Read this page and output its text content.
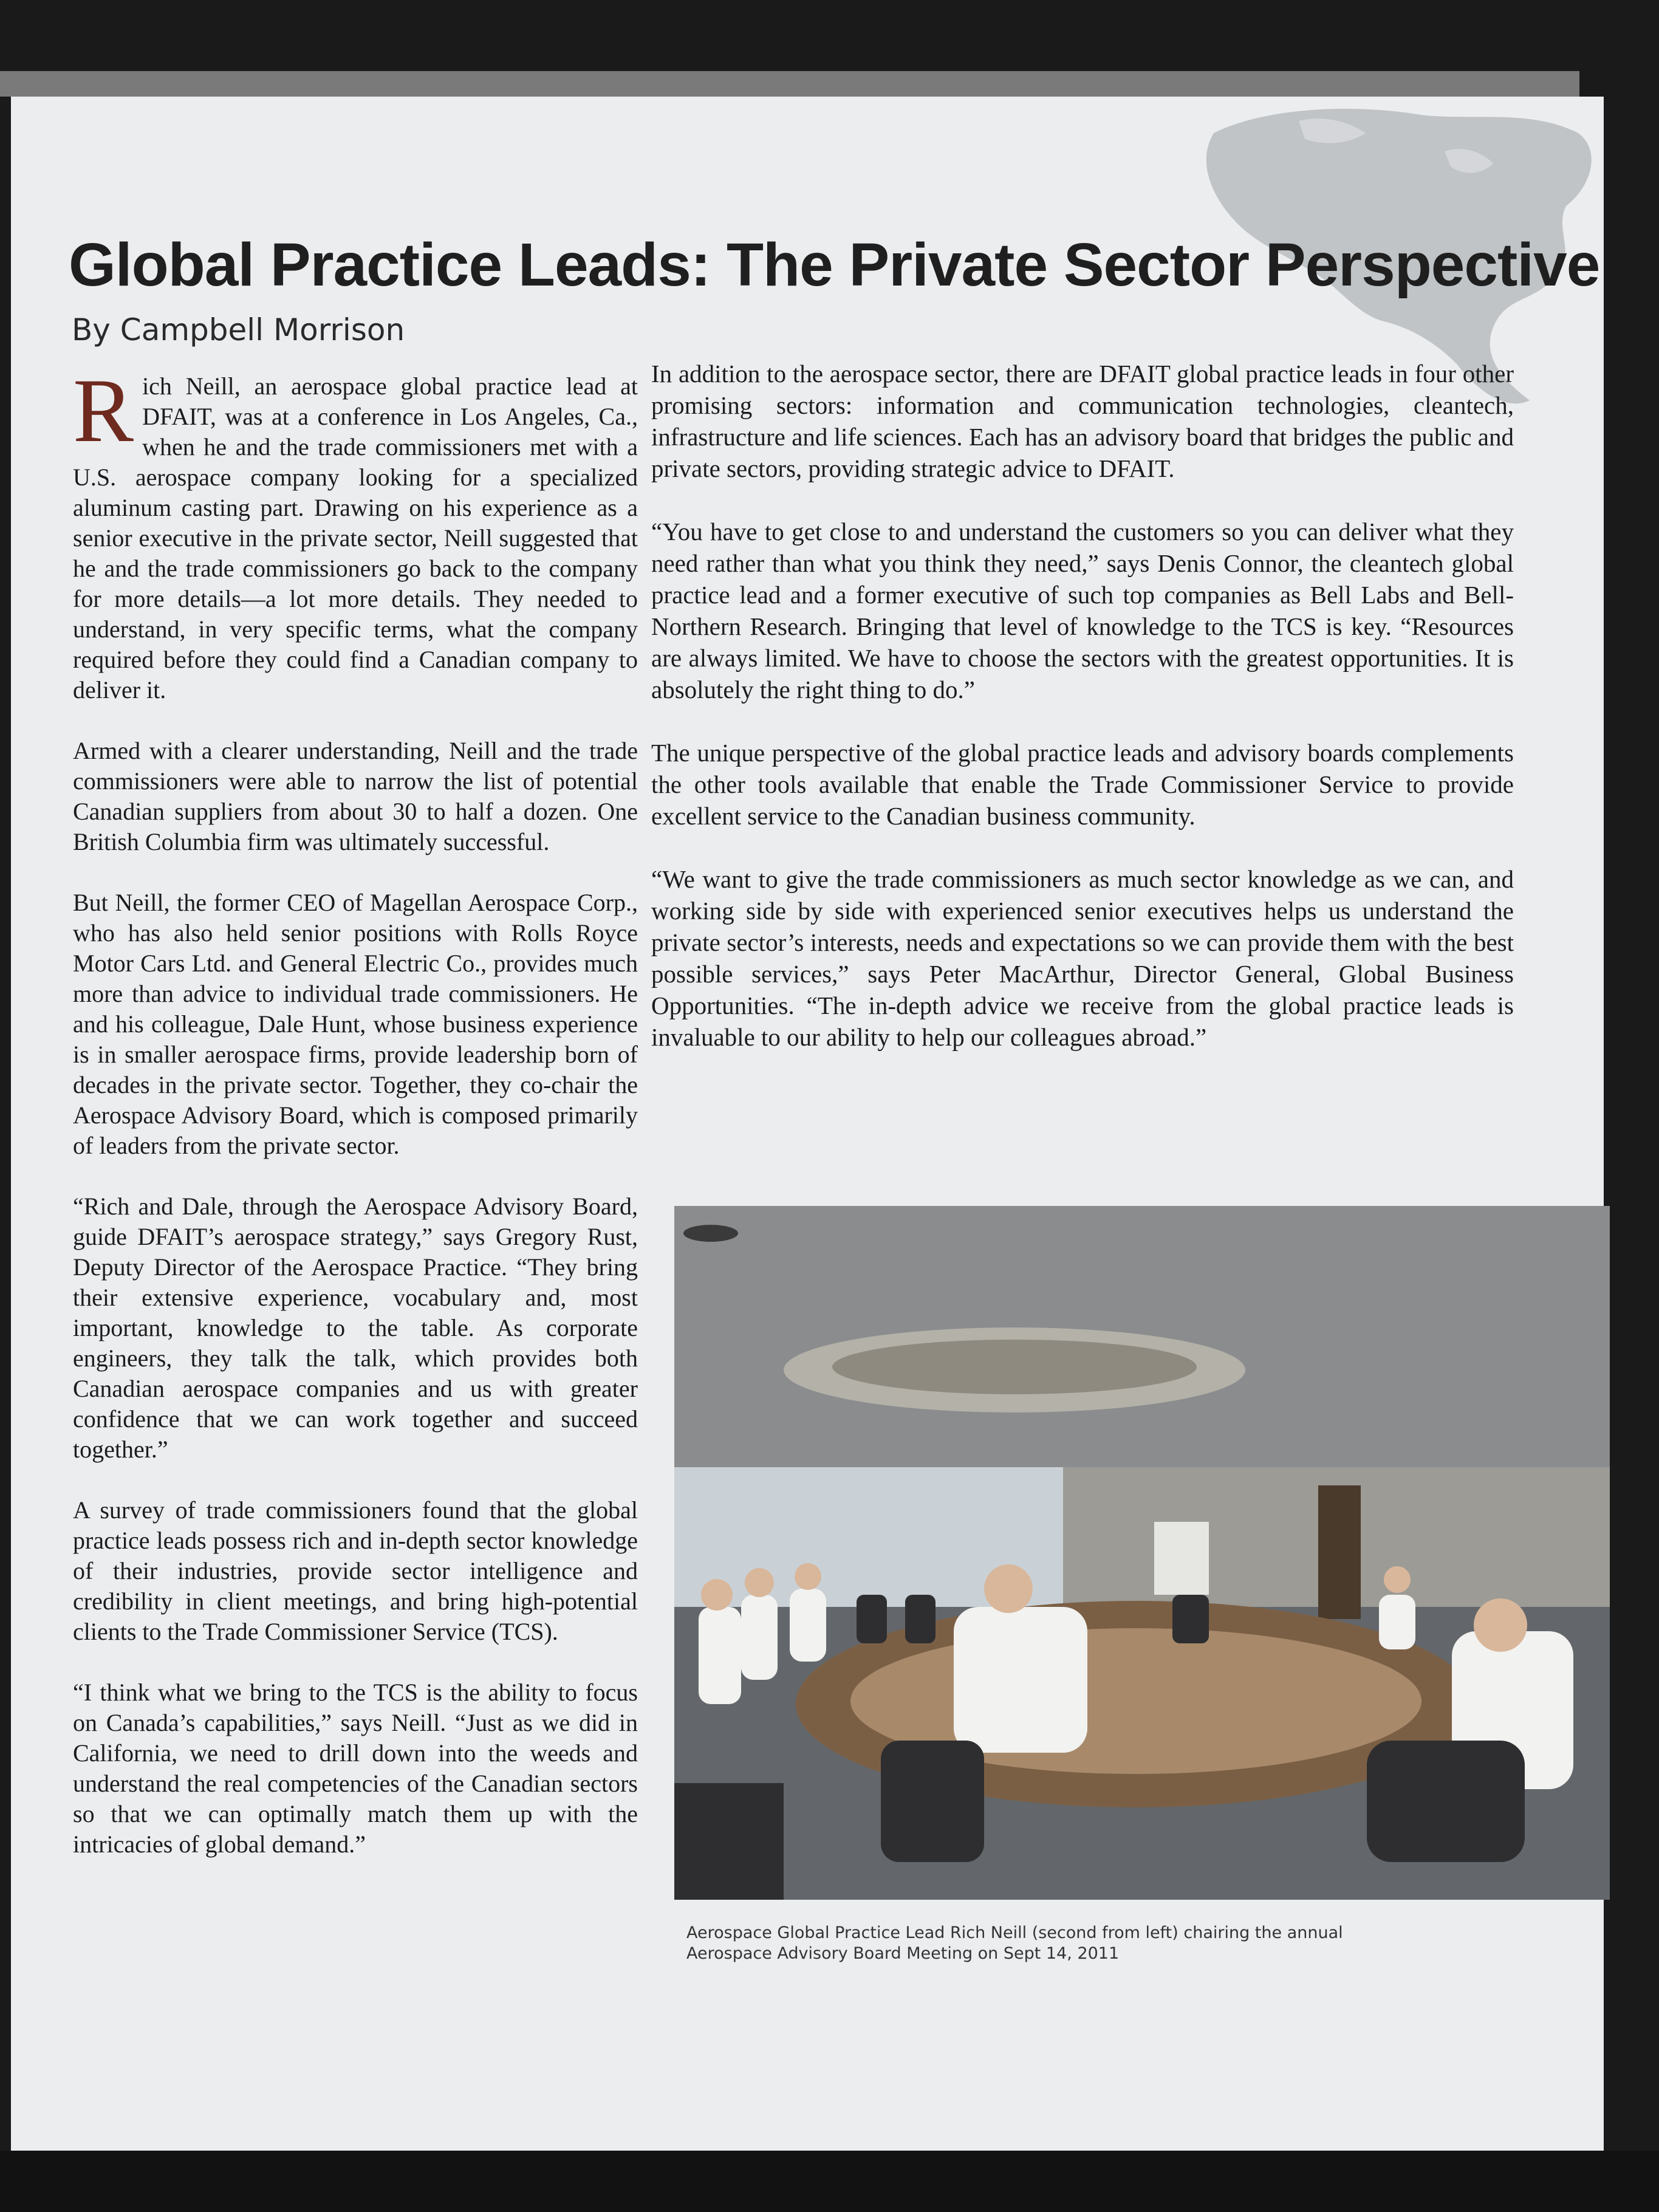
Global Practice Leads: The Private Sector Perspective
By Campbell Morrison

Rich Neill, an aerospace global practice lead at DFAIT, was at a conference in Los Angeles, Ca., when he and the trade commissioners met with a U.S. aerospace company looking for a specialized aluminum casting part. Drawing on his experience as a senior executive in the private sector, Neill suggested that he and the trade commissioners go back to the company for more details—a lot more details. They needed to understand, in very specific terms, what the company required before they could find a Canadian company to deliver it.

Armed with a clearer understanding, Neill and the trade commissioners were able to narrow the list of potential Canadian suppliers from about 30 to half a dozen. One British Columbia firm was ultimately successful.

But Neill, the former CEO of Magellan Aerospace Corp., who has also held senior positions with Rolls Royce Motor Cars Ltd. and General Electric Co., provides much more than advice to individual trade commissioners. He and his colleague, Dale Hunt, whose business experience is in smaller aerospace firms, provide leadership born of decades in the private sector. Together, they co-chair the Aerospace Advisory Board, which is composed primarily of leaders from the private sector.

“Rich and Dale, through the Aerospace Advisory Board, guide DFAIT’s aerospace strategy,” says Gregory Rust, Deputy Director of the Aerospace Practice. “They bring their extensive experience, vocabulary and, most important, knowledge to the table. As corporate engineers, they talk the talk, which provides both Canadian aerospace companies and us with greater confidence that we can work together and succeed together.”

A survey of trade commissioners found that the global practice leads possess rich and in-depth sector knowledge of their industries, provide sector intelligence and credibility in client meetings, and bring high-potential clients to the Trade Commissioner Service (TCS).

“I think what we bring to the TCS is the ability to focus on Canada’s capabilities,” says Neill. “Just as we did in California, we need to drill down into the weeds and understand the real competencies of the Canadian sectors so that we can optimally match them up with the intricacies of global demand.”

In addition to the aerospace sector, there are DFAIT global practice leads in four other promising sectors: information and communication technologies, cleantech, infrastructure and life sciences. Each has an advisory board that bridges the public and private sectors, providing strategic advice to DFAIT.

“You have to get close to and understand the customers so you can deliver what they need rather than what you think they need,” says Denis Connor, the cleantech global practice lead and a former executive of such top companies as Bell Labs and Bell-Northern Research. Bringing that level of knowledge to the TCS is key. “Resources are always limited. We have to choose the sectors with the greatest opportunities. It is absolutely the right thing to do.”

The unique perspective of the global practice leads and advisory boards complements the other tools available that enable the Trade Commissioner Service to provide excellent service to the Canadian business community.

“We want to give the trade commissioners as much sector knowledge as we can, and working side by side with experienced senior executives helps us understand the private sector’s interests, needs and expectations so we can provide them with the best possible services,” says Peter MacArthur, Director General, Global Business Opportunities. “The in-depth advice we receive from the global practice leads is invaluable to our ability to help our colleagues abroad.”

Aerospace Global Practice Lead Rich Neill (second from left) chairing the annual
Aerospace Advisory Board Meeting on Sept 14, 2011
